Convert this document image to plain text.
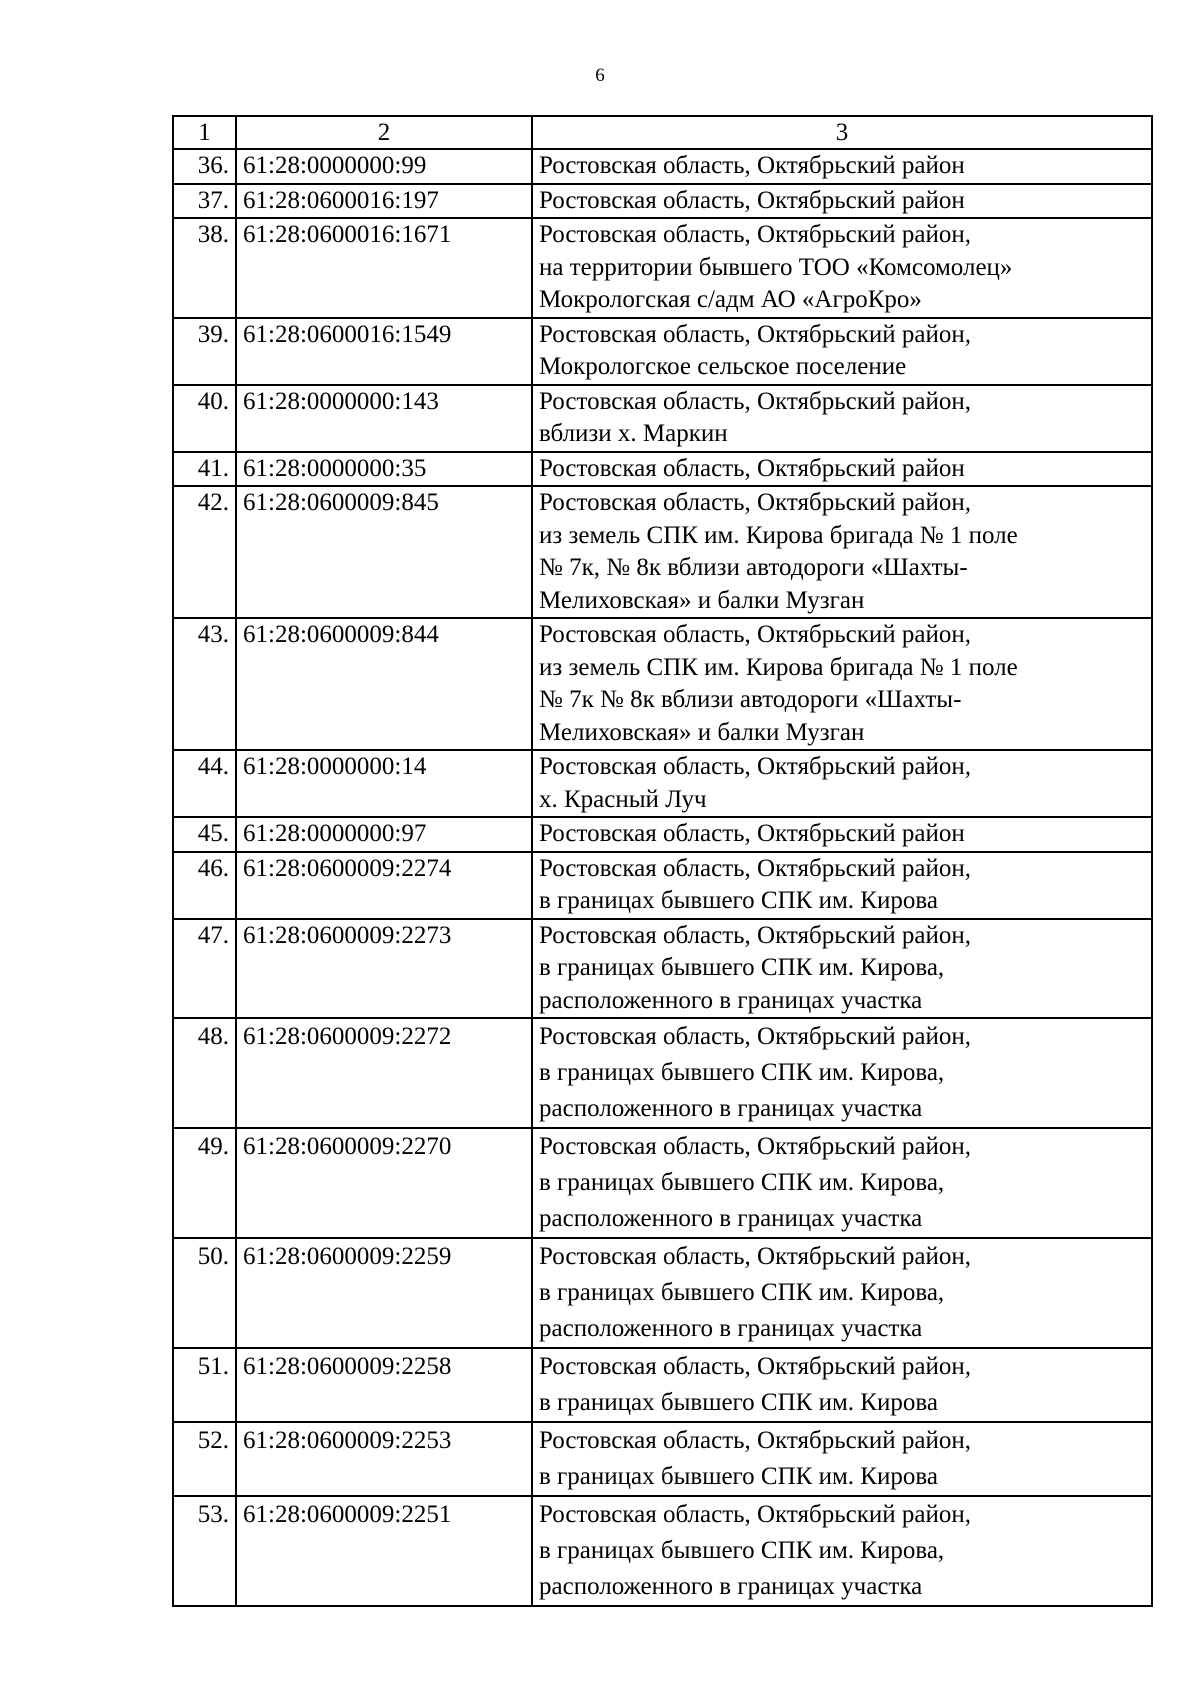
6
1	2	3
36.	61:28:0000000:99	Ростовская область, Октябрьский район
37.	61:28:0600016:197	Ростовская область, Октябрьский район
38.	61:28:0600016:1671	Ростовская область, Октябрьский район,
на территории бывшего ТОО «Комсомолец»
Мокрологская с/адм АО «АгроКро»
39.	61:28:0600016:1549	Ростовская область, Октябрьский район,
Мокрологское сельское поселение
40.	61:28:0000000:143	Ростовская область, Октябрьский район,
вблизи х. Маркин
41.	61:28:0000000:35	Ростовская область, Октябрьский район
42.	61:28:0600009:845	Ростовская область, Октябрьский район,
из земель СПК им. Кирова бригада № 1 поле
№ 7к, № 8к вблизи автодороги «Шахты-
Мелиховская» и балки Музган
43.	61:28:0600009:844	Ростовская область, Октябрьский район,
из земель СПК им. Кирова бригада № 1 поле
№ 7к № 8к вблизи автодороги «Шахты-
Мелиховская» и балки Музган
44.	61:28:0000000:14	Ростовская область, Октябрьский район,
х. Красный Луч
45.	61:28:0000000:97	Ростовская область, Октябрьский район
46.	61:28:0600009:2274	Ростовская область, Октябрьский район,
в границах бывшего СПК им. Кирова
47.	61:28:0600009:2273	Ростовская область, Октябрьский район,
в границах бывшего СПК им. Кирова,
расположенного в границах участка
48.	61:28:0600009:2272	Ростовская область, Октябрьский район,
в границах бывшего СПК им. Кирова,
расположенного в границах участка
49.	61:28:0600009:2270	Ростовская область, Октябрьский район,
в границах бывшего СПК им. Кирова,
расположенного в границах участка
50.	61:28:0600009:2259	Ростовская область, Октябрьский район,
в границах бывшего СПК им. Кирова,
расположенного в границах участка
51.	61:28:0600009:2258	Ростовская область, Октябрьский район,
в границах бывшего СПК им. Кирова
52.	61:28:0600009:2253	Ростовская область, Октябрьский район,
в границах бывшего СПК им. Кирова
53.	61:28:0600009:2251	Ростовская область, Октябрьский район,
в границах бывшего СПК им. Кирова,
расположенного в границах участка
